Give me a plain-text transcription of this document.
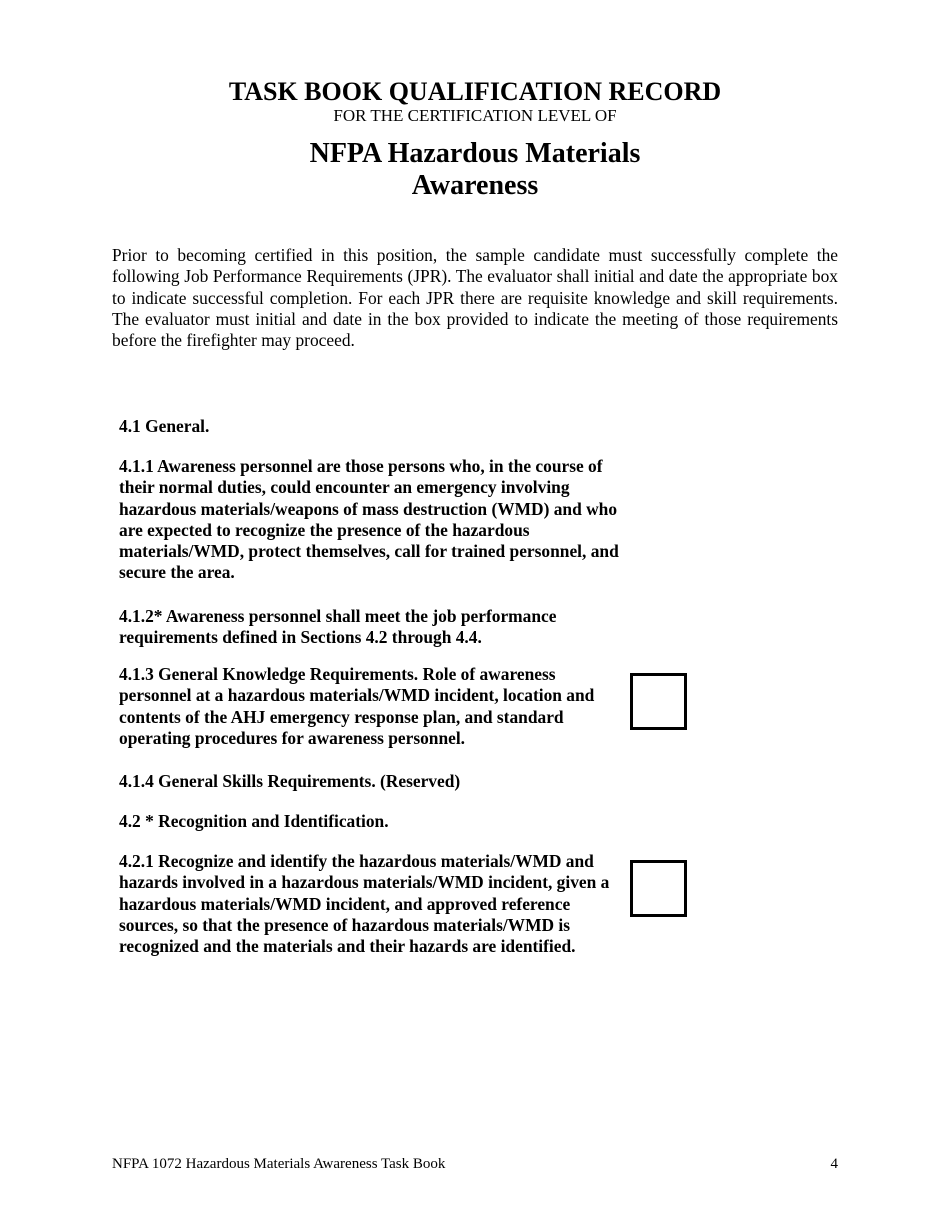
TASK BOOK QUALIFICATION RECORD
FOR THE CERTIFICATION LEVEL OF
NFPA Hazardous Materials
Awareness
Prior to becoming certified in this position, the sample candidate must successfully complete the following Job Performance Requirements (JPR). The evaluator shall initial and date the appropriate box to indicate successful completion. For each JPR there are requisite knowledge and skill requirements. The evaluator must initial and date in the box provided to indicate the meeting of those requirements before the firefighter may proceed.
4.1 General.
4.1.1 Awareness personnel are those persons who, in the course of their normal duties, could encounter an emergency involving hazardous materials/weapons of mass destruction (WMD) and who are expected to recognize the presence of the hazardous materials/WMD, protect themselves, call for trained personnel, and secure the area.
4.1.2* Awareness personnel shall meet the job performance requirements defined in Sections 4.2 through 4.4.
4.1.3 General Knowledge Requirements. Role of awareness personnel at a hazardous materials/WMD incident, location and contents of the AHJ emergency response plan, and standard operating procedures for awareness personnel.
4.1.4 General Skills Requirements. (Reserved)
4.2 * Recognition and Identification.
4.2.1 Recognize and identify the hazardous materials/WMD and hazards involved in a hazardous materials/WMD incident, given a hazardous materials/WMD incident, and approved reference sources, so that the presence of hazardous materials/WMD is recognized and the materials and their hazards are identified.
NFPA 1072 Hazardous Materials Awareness Task Book	4
